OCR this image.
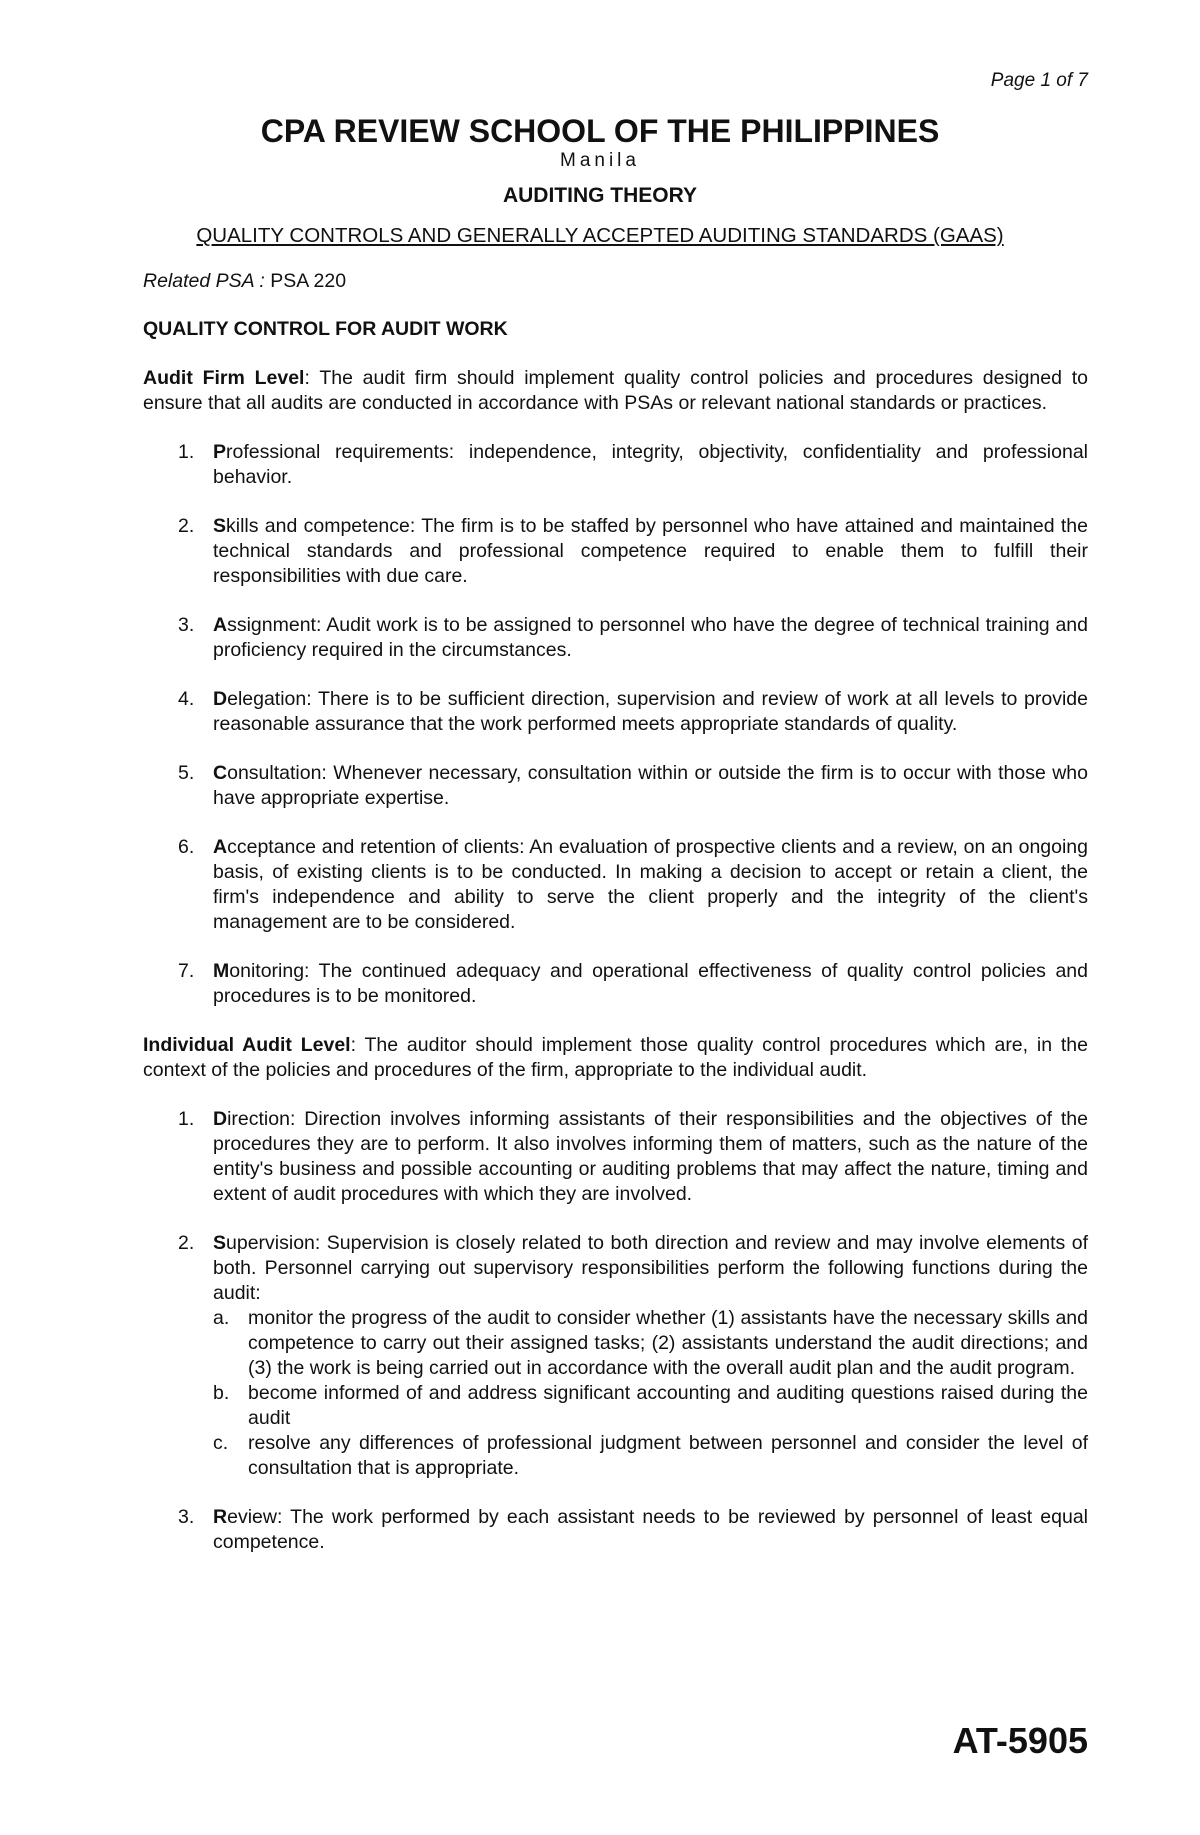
Page 1 of 7
CPA REVIEW SCHOOL OF THE PHILIPPINES
Manila
AUDITING THEORY
QUALITY CONTROLS AND GENERALLY ACCEPTED AUDITING STANDARDS (GAAS)
Related PSA : PSA 220
QUALITY CONTROL FOR AUDIT WORK

Audit Firm Level: The audit firm should implement quality control policies and procedures designed to ensure that all audits are conducted in accordance with PSAs or relevant national standards or practices.

1. Professional requirements: independence, integrity, objectivity, confidentiality and professional behavior.
2. Skills and competence: The firm is to be staffed by personnel who have attained and maintained the technical standards and professional competence required to enable them to fulfill their responsibilities with due care.
3. Assignment: Audit work is to be assigned to personnel who have the degree of technical training and proficiency required in the circumstances.
4. Delegation: There is to be sufficient direction, supervision and review of work at all levels to provide reasonable assurance that the work performed meets appropriate standards of quality.
5. Consultation: Whenever necessary, consultation within or outside the firm is to occur with those who have appropriate expertise.
6. Acceptance and retention of clients: An evaluation of prospective clients and a review, on an ongoing basis, of existing clients is to be conducted. In making a decision to accept or retain a client, the firm's independence and ability to serve the client properly and the integrity of the client's management are to be considered.
7. Monitoring: The continued adequacy and operational effectiveness of quality control policies and procedures is to be monitored.

Individual Audit Level: The auditor should implement those quality control procedures which are, in the context of the policies and procedures of the firm, appropriate to the individual audit.

1. Direction: Direction involves informing assistants of their responsibilities and the objectives of the procedures they are to perform. It also involves informing them of matters, such as the nature of the entity's business and possible accounting or auditing problems that may affect the nature, timing and extent of audit procedures with which they are involved.
2. Supervision: Supervision is closely related to both direction and review and may involve elements of both. Personnel carrying out supervisory responsibilities perform the following functions during the audit:
a. monitor the progress of the audit to consider whether (1) assistants have the necessary skills and competence to carry out their assigned tasks; (2) assistants understand the audit directions; and (3) the work is being carried out in accordance with the overall audit plan and the audit program.
b. become informed of and address significant accounting and auditing questions raised during the audit
c. resolve any differences of professional judgment between personnel and consider the level of consultation that is appropriate.
3. Review: The work performed by each assistant needs to be reviewed by personnel of least equal competence.
AT-5905
